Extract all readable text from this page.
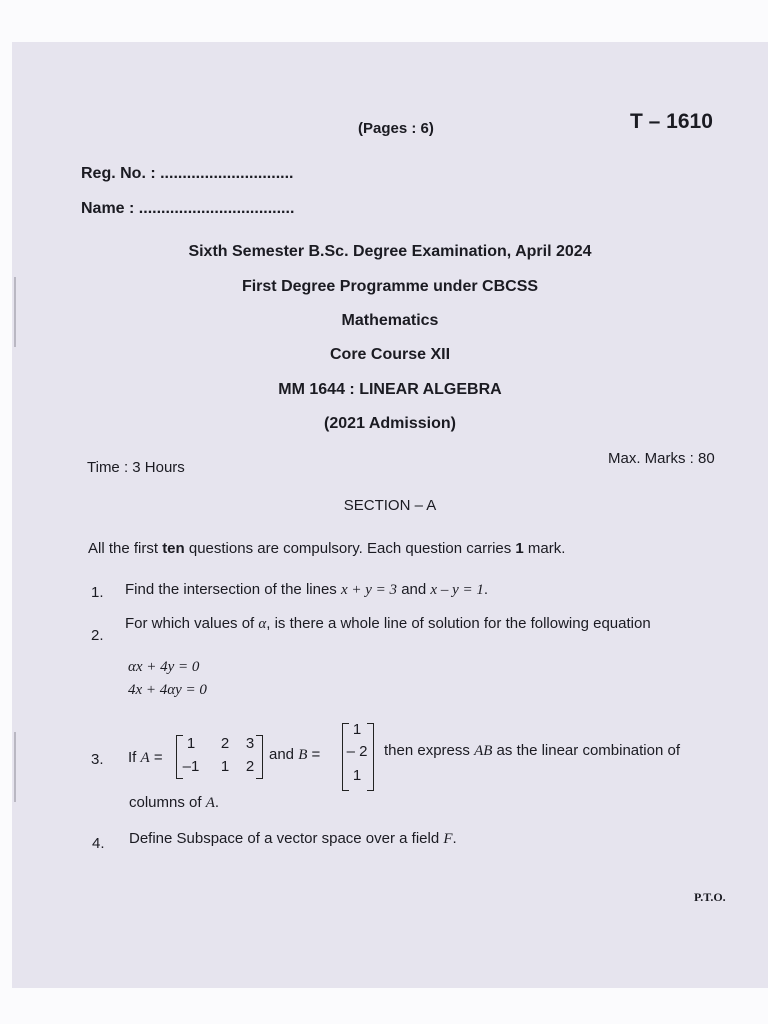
(Pages : 6)	T – 1610
Reg. No. : ..............................
Name : ...................................
Sixth Semester B.Sc. Degree Examination, April 2024
First Degree Programme under CBCSS
Mathematics
Core Course XII
MM 1644 : LINEAR ALGEBRA
(2021 Admission)
Time : 3 Hours
Max. Marks : 80
SECTION – A
All the first ten questions are compulsory. Each question carries 1 mark.
1. Find the intersection of the lines x + y = 3 and x – y = 1.
2.
For which values of α, is there a whole line of solution for the following equation
αx + 4y = 0
4x + 4αy = 0
3. If A =
1	2	3
–1	1	2
and B =
1
– 2
1
then express AB as the linear combination of
columns of A.
4. Define Subspace of a vector space over a field F.
P.T.O.
